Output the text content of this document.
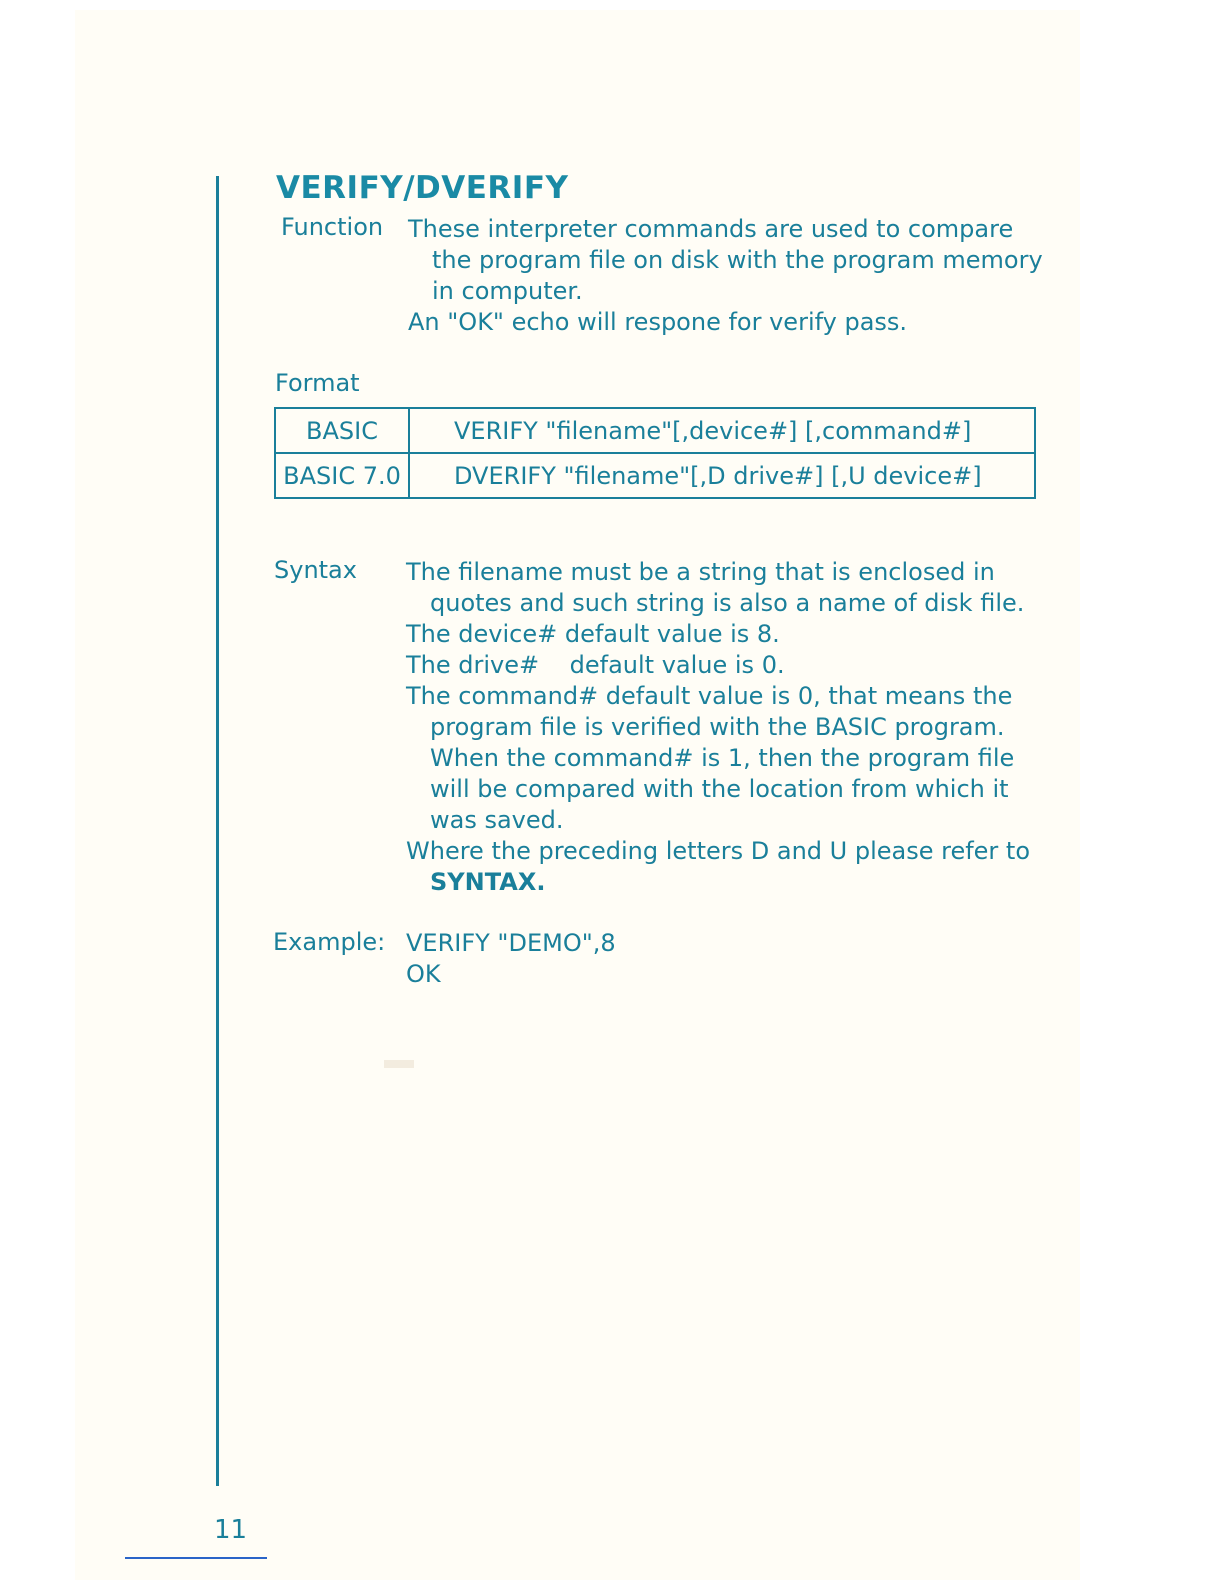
VERIFY/DVERIFY
Function These interpreter commands are used to compare
the program file on disk with the program memory
in computer.
An "OK" echo will respone for verify pass.
Format
BASIC	VERIFY "filename"[,device#] [,command#]
BASIC 7.0	DVERIFY "filename"[,D drive#] [,U device#]
Syntax The filename must be a string that is enclosed in
quotes and such string is also a name of disk file.
The device# default value is 8.
The drive#    default value is 0.
The command# default value is 0, that means the
program file is verified with the BASIC program.
When the command# is 1, then the program file
will be compared with the location from which it
was saved.
Where the preceding letters D and U please refer to
SYNTAX.
Example: VERIFY "DEMO",8
OK
11
